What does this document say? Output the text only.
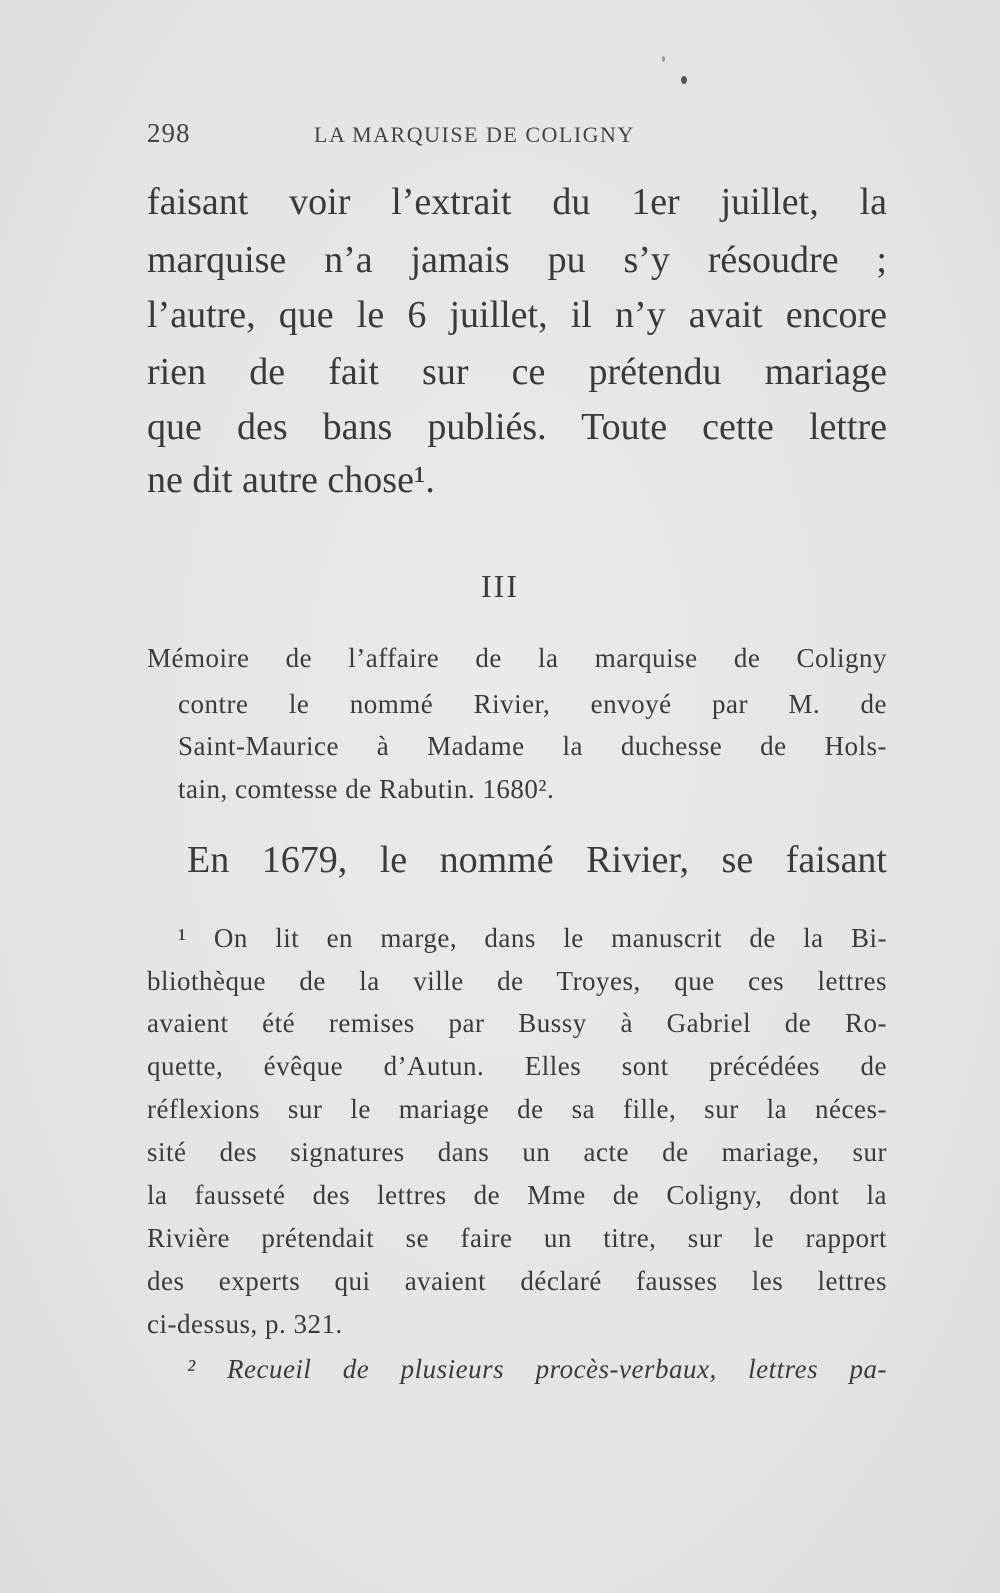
298	LA MARQUISE DE COLIGNY
faisant voir l’extrait du 1er juillet, la
marquise n’a jamais pu s’y résoudre ;
l’autre, que le 6 juillet, il n’y avait encore
rien de fait sur ce prétendu mariage
que des bans publiés. Toute cette lettre
ne dit autre chose¹.
III
Mémoire de l’affaire de la marquise de Coligny
contre le nommé Rivier, envoyé par M. de
Saint-Maurice à Madame la duchesse de Hols-
tain, comtesse de Rabutin. 1680².
En 1679, le nommé Rivier, se faisant
¹ On lit en marge, dans le manuscrit de la Bi-
bliothèque de la ville de Troyes, que ces lettres
avaient été remises par Bussy à Gabriel de Ro-
quette, évêque d’Autun. Elles sont précédées de
réflexions sur le mariage de sa fille, sur la néces-
sité des signatures dans un acte de mariage, sur
la fausseté des lettres de Mme de Coligny, dont la
Rivière prétendait se faire un titre, sur le rapport
des experts qui avaient déclaré fausses les lettres
ci-dessus, p. 321.
² Recueil de plusieurs procès-verbaux, lettres pa-
